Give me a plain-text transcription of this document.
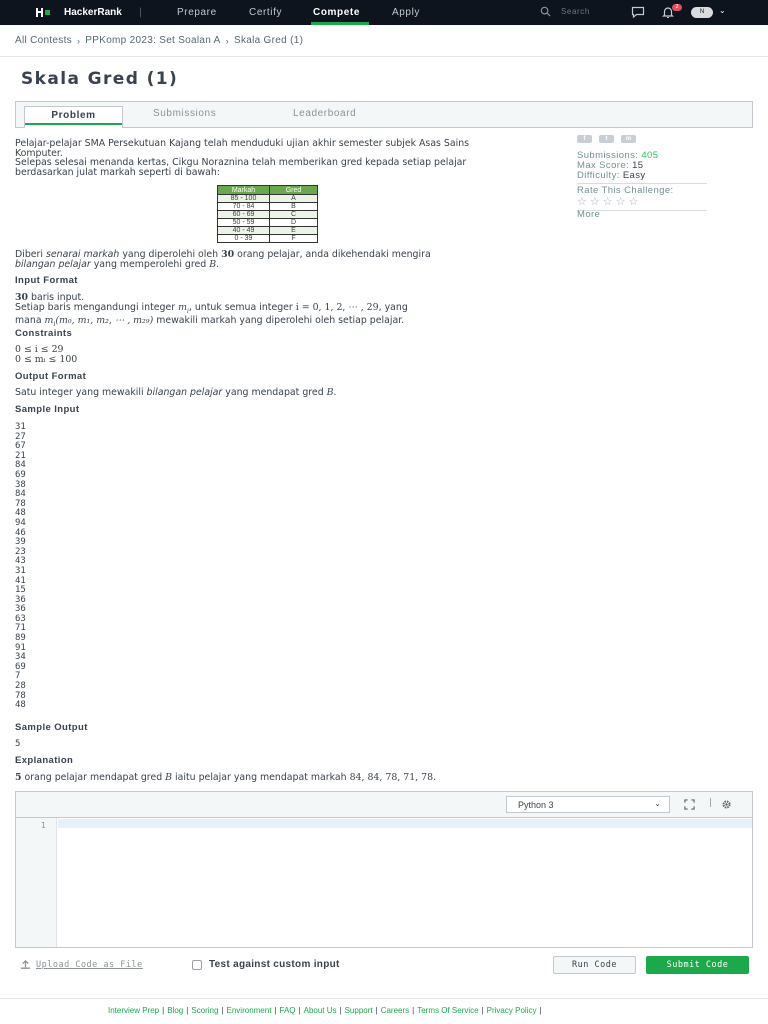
HackerRank |	Prepare	Certify	Compete	Apply
Search	2
N	⌄
All Contests › PPKomp 2023: Set Soalan A › Skala Gred (1)
Skala Gred (1)
Problem	Submissions	Leaderboard

Pelajar-pelajar SMA Persekutuan Kajang telah menduduki ujian akhir semester subjek Asas Sains Komputer.

Selepas selesai menanda kertas, Cikgu Noraznina telah memberikan gred kepada setiap pelajar berdasarkan julat markah seperti di bawah:

Markah	Gred
85 - 100	A
70 - 84	B
60 - 69	C
50 - 59	D
40 - 49	E
0 - 39	F
Diberi senarai markah yang diperolehi oleh 30 orang pelajar, anda dikehendaki mengira
bilangan pelajar yang memperolehi gred B.
Input Format
30 baris input.
Setiap baris mengandungi integer $m_i$, untuk semua integer i = 0, 1, 2, ⋯ , 29, yang
mana $m_i(m_0$, m₁, m₂, ⋯ , m₂₉) mewakili markah yang diperolehi oleh setiap pelajar.
Constraints
0 ≤ i ≤ 29
0 ≤ mᵢ ≤ 100
Output Format
Satu integer yang mewakili bilangan pelajar yang mendapat gred B.
Sample Input
31
27
67
21
84
69
38
84
78
48
94
46
39
23
43
31
41
15
36
36
63
71
89
91
34
69
7
28
78
48
Sample Output
5
Explanation
5 orang pelajar mendapat gred B iaitu pelajar yang mendapat markah 84, 84, 78, 71, 78.
f	t	in
Submissions: 405
Max Score: 15
Difficulty: Easy
Rate This Challenge:
☆ ☆ ☆ ☆ ☆
More
Python 3	⌄	|
1
Upload Code as File	Test against custom input	Run Code	Submit Code
Interview Prep | Blog | Scoring | Environment | FAQ | About Us | Support | Careers | Terms Of Service | Privacy Policy |
